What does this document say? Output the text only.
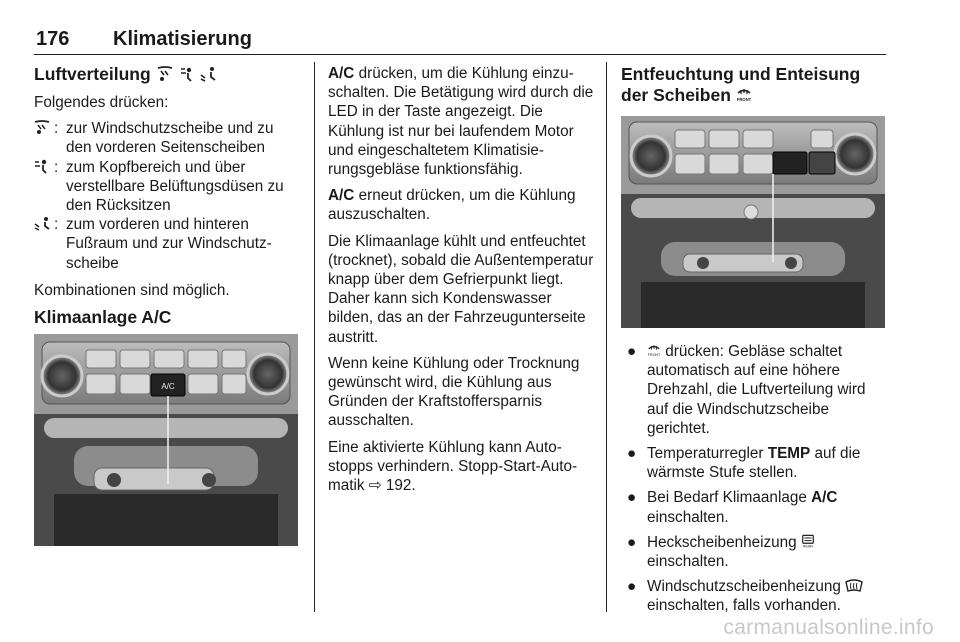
176 Klimatisierung
Luftverteilung

Folgendes drücken:

: zur Windschutzscheibe und zu den vorderen Seitenscheiben
: zum Kopfbereich und über verstellbare Belüftungsdüsen zu den Rücksitzen
: zum vorderen und hinteren Fußraum und zur Windschutzscheibe

Kombinationen sind möglich.

Klimaanlage A/C
A/C

A/C drücken, um die Kühlung einzuschalten. Die Betätigung wird durch die LED in der Taste angezeigt. Die Kühlung ist nur bei laufendem Motor und eingeschaltetem Klimatisierungsgebläse funktionsfähig.

A/C erneut drücken, um die Kühlung auszuschalten.

Die Klimaanlage kühlt und entfeuchtet (trocknet), sobald die Außentemperatur knapp über dem Gefrierpunkt liegt. Daher kann sich Kondenswasser bilden, das an der Fahrzeugunterseite austritt.

Wenn keine Kühlung oder Trocknung gewünscht wird, die Kühlung aus Gründen der Kraftstoffersparnis ausschalten.

Eine aktivierte Kühlung kann Autostopps verhindern. Stopp-Start-Automatik ⇨ 192.

Entfeuchtung und Enteisung der Scheiben FRONT
●	FRONT drücken: Gebläse schaltet automatisch auf eine höhere Drehzahl, die Luftverteilung wird auf die Windschutzscheibe gerichtet.
● Temperaturregler TEMP auf die wärmste Stufe stellen.
● Bei Bedarf Klimaanlage A/C einschalten.
● Heckscheibenheizung REAR
einschalten.
● Windschutzscheibenheizung  einschalten, falls vorhanden.
carmanualsonline.info
